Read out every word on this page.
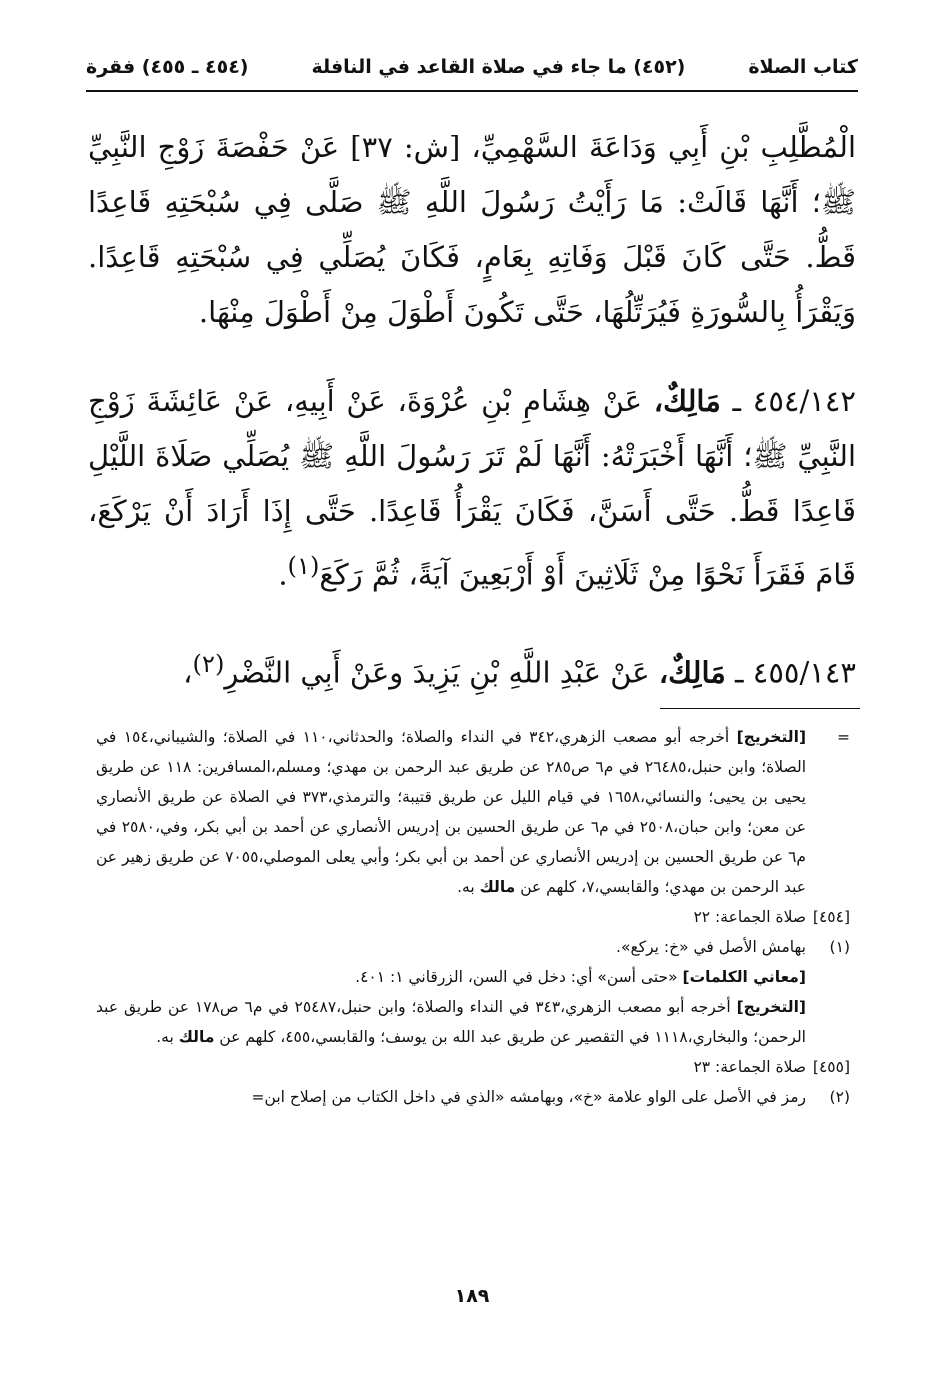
كتاب الصلاة
(٤٥٢) ما جاء في صلاة القاعد في النافلة
(٤٥٤ ـ ٤٥٥) فقرة

الْمُطَّلِبِ بْنِ أَبِي وَدَاعَةَ السَّهْمِيِّ، [ش: ٣٧] عَنْ حَفْصَةَ زَوْجِ النَّبِيِّ ﷺ؛ أَنَّهَا قَالَتْ: مَا رَأَيْتُ رَسُولَ اللَّهِ ﷺ صَلَّى فِي سُبْحَتِهِ قَاعِدًا قَطُّ. حَتَّى كَانَ قَبْلَ وَفَاتِهِ بِعَامٍ، فَكَانَ يُصَلِّي فِي سُبْحَتِهِ قَاعِدًا. وَيَقْرَأُ بِالسُّورَةِ فَيُرَتِّلُهَا، حَتَّى تَكُونَ أَطْوَلَ مِنْ أَطْوَلَ مِنْهَا.

٤٥٤/١٤٢ ـ مَالِكٌ، عَنْ هِشَامِ بْنِ عُرْوَةَ، عَنْ أَبِيهِ، عَنْ عَائِشَةَ زَوْجِ النَّبِيِّ ﷺ؛ أَنَّهَا أَخْبَرَتْهُ: أَنَّهَا لَمْ تَرَ رَسُولَ اللَّهِ ﷺ يُصَلِّي صَلَاةَ اللَّيْلِ قَاعِدًا قَطُّ. حَتَّى أَسَنَّ، فَكَانَ يَقْرَأُ قَاعِدًا. حَتَّى إِذَا أَرَادَ أَنْ يَرْكَعَ، قَامَ فَقَرَأَ نَحْوًا مِنْ ثَلَاثِينَ أَوْ أَرْبَعِينَ آيَةً، ثُمَّ رَكَعَ$^{(١)}$.

٤٥٥/١٤٣ ـ مَالِكٌ، عَنْ عَبْدِ اللَّهِ بْنِ يَزِيدَ وعَنْ أَبِي النَّضْرِ$^{(٢)}$،

=

[التخريج] أخرجه أبو مصعب الزهري،٣٤٢ في النداء والصلاة؛ والحدثاني،١١٠ في الصلاة؛ والشيباني،١٥٤ في الصلاة؛ وابن حنبل،٢٦٤٨٥ في م٦ ص٢٨٥ عن طريق عبد الرحمن بن مهدي؛ ومسلم،المسافرين: ١١٨ عن طريق يحيى بن يحيى؛ والنسائي،١٦٥٨ في قيام الليل عن طريق قتيبة؛ والترمذي،٣٧٣ في الصلاة عن طريق الأنصاري عن معن؛ وابن حبان،٢٥٠٨ في م٦ عن طريق الحسين بن إدريس الأنصاري عن أحمد بن أبي بكر، وفي،٢٥٨٠ في م٦ عن طريق الحسين بن إدريس الأنصاري عن أحمد بن أبي بكر؛ وأبي يعلى الموصلي،٧٠٥٥ عن طريق زهير عن عبد الرحمن بن مهدي؛ والقابسي،٧، كلهم عن مالك به.

[٤٥٤]

صلاة الجماعة: ٢٢

(١)

بهامش الأصل في «خ: يركع».

[معاني الكلمات] «حتى أسن» أي: دخل في السن، الزرقاني ١: ٤٠١.

[التخريج] أخرجه أبو مصعب الزهري،٣٤٣ في النداء والصلاة؛ وابن حنبل،٢٥٤٨٧ في م٦ ص١٧٨ عن طريق عبد الرحمن؛ والبخاري،١١١٨ في التقصير عن طريق عبد الله بن يوسف؛ والقابسي،٤٥٥، كلهم عن مالك به.

[٤٥٥]

صلاة الجماعة: ٢٣

(٢)

رمز في الأصل على الواو علامة «خ»، وبهامشه «الذي في داخل الكتاب من إصلاح ابن=

١٨٩
